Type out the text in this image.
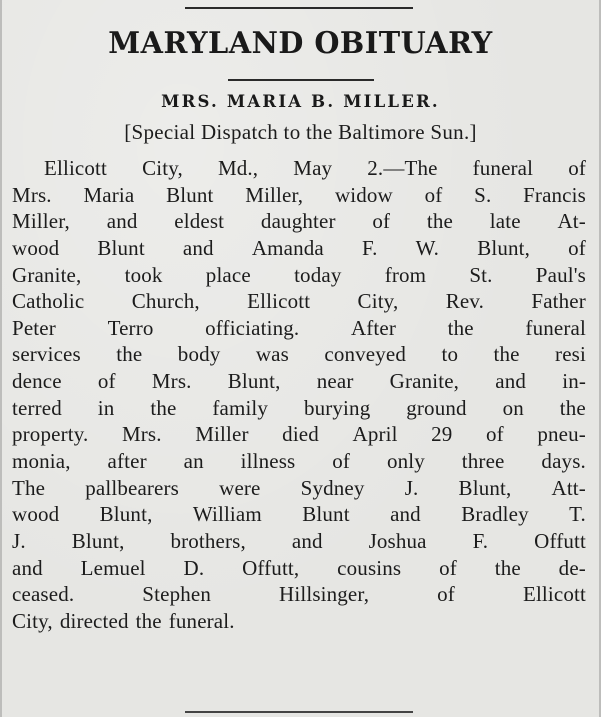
MARYLAND OBITUARY
MRS. MARIA B. MILLER.
[Special Dispatch to the Baltimore Sun.]
Ellicott City, Md., May 2.—The funeral of
Mrs. Maria Blunt Miller, widow of S. Francis
Miller, and eldest daughter of the late At-
wood Blunt and Amanda F. W. Blunt, of
Granite, took place today from St. Paul's
Catholic Church, Ellicott City, Rev. Father
Peter Terro officiating. After the funeral
services the body was conveyed to the resi
dence of Mrs. Blunt, near Granite, and in-
terred in the family burying ground on the
property. Mrs. Miller died April 29 of pneu-
monia, after an illness of only three days.
The pallbearers were Sydney J. Blunt, Att-
wood Blunt, William Blunt and Bradley T.
J. Blunt, brothers, and Joshua F. Offutt
and Lemuel D. Offutt, cousins of the de-
ceased.	Stephen	Hillsinger,	of	Ellicott
City, directed the funeral.
